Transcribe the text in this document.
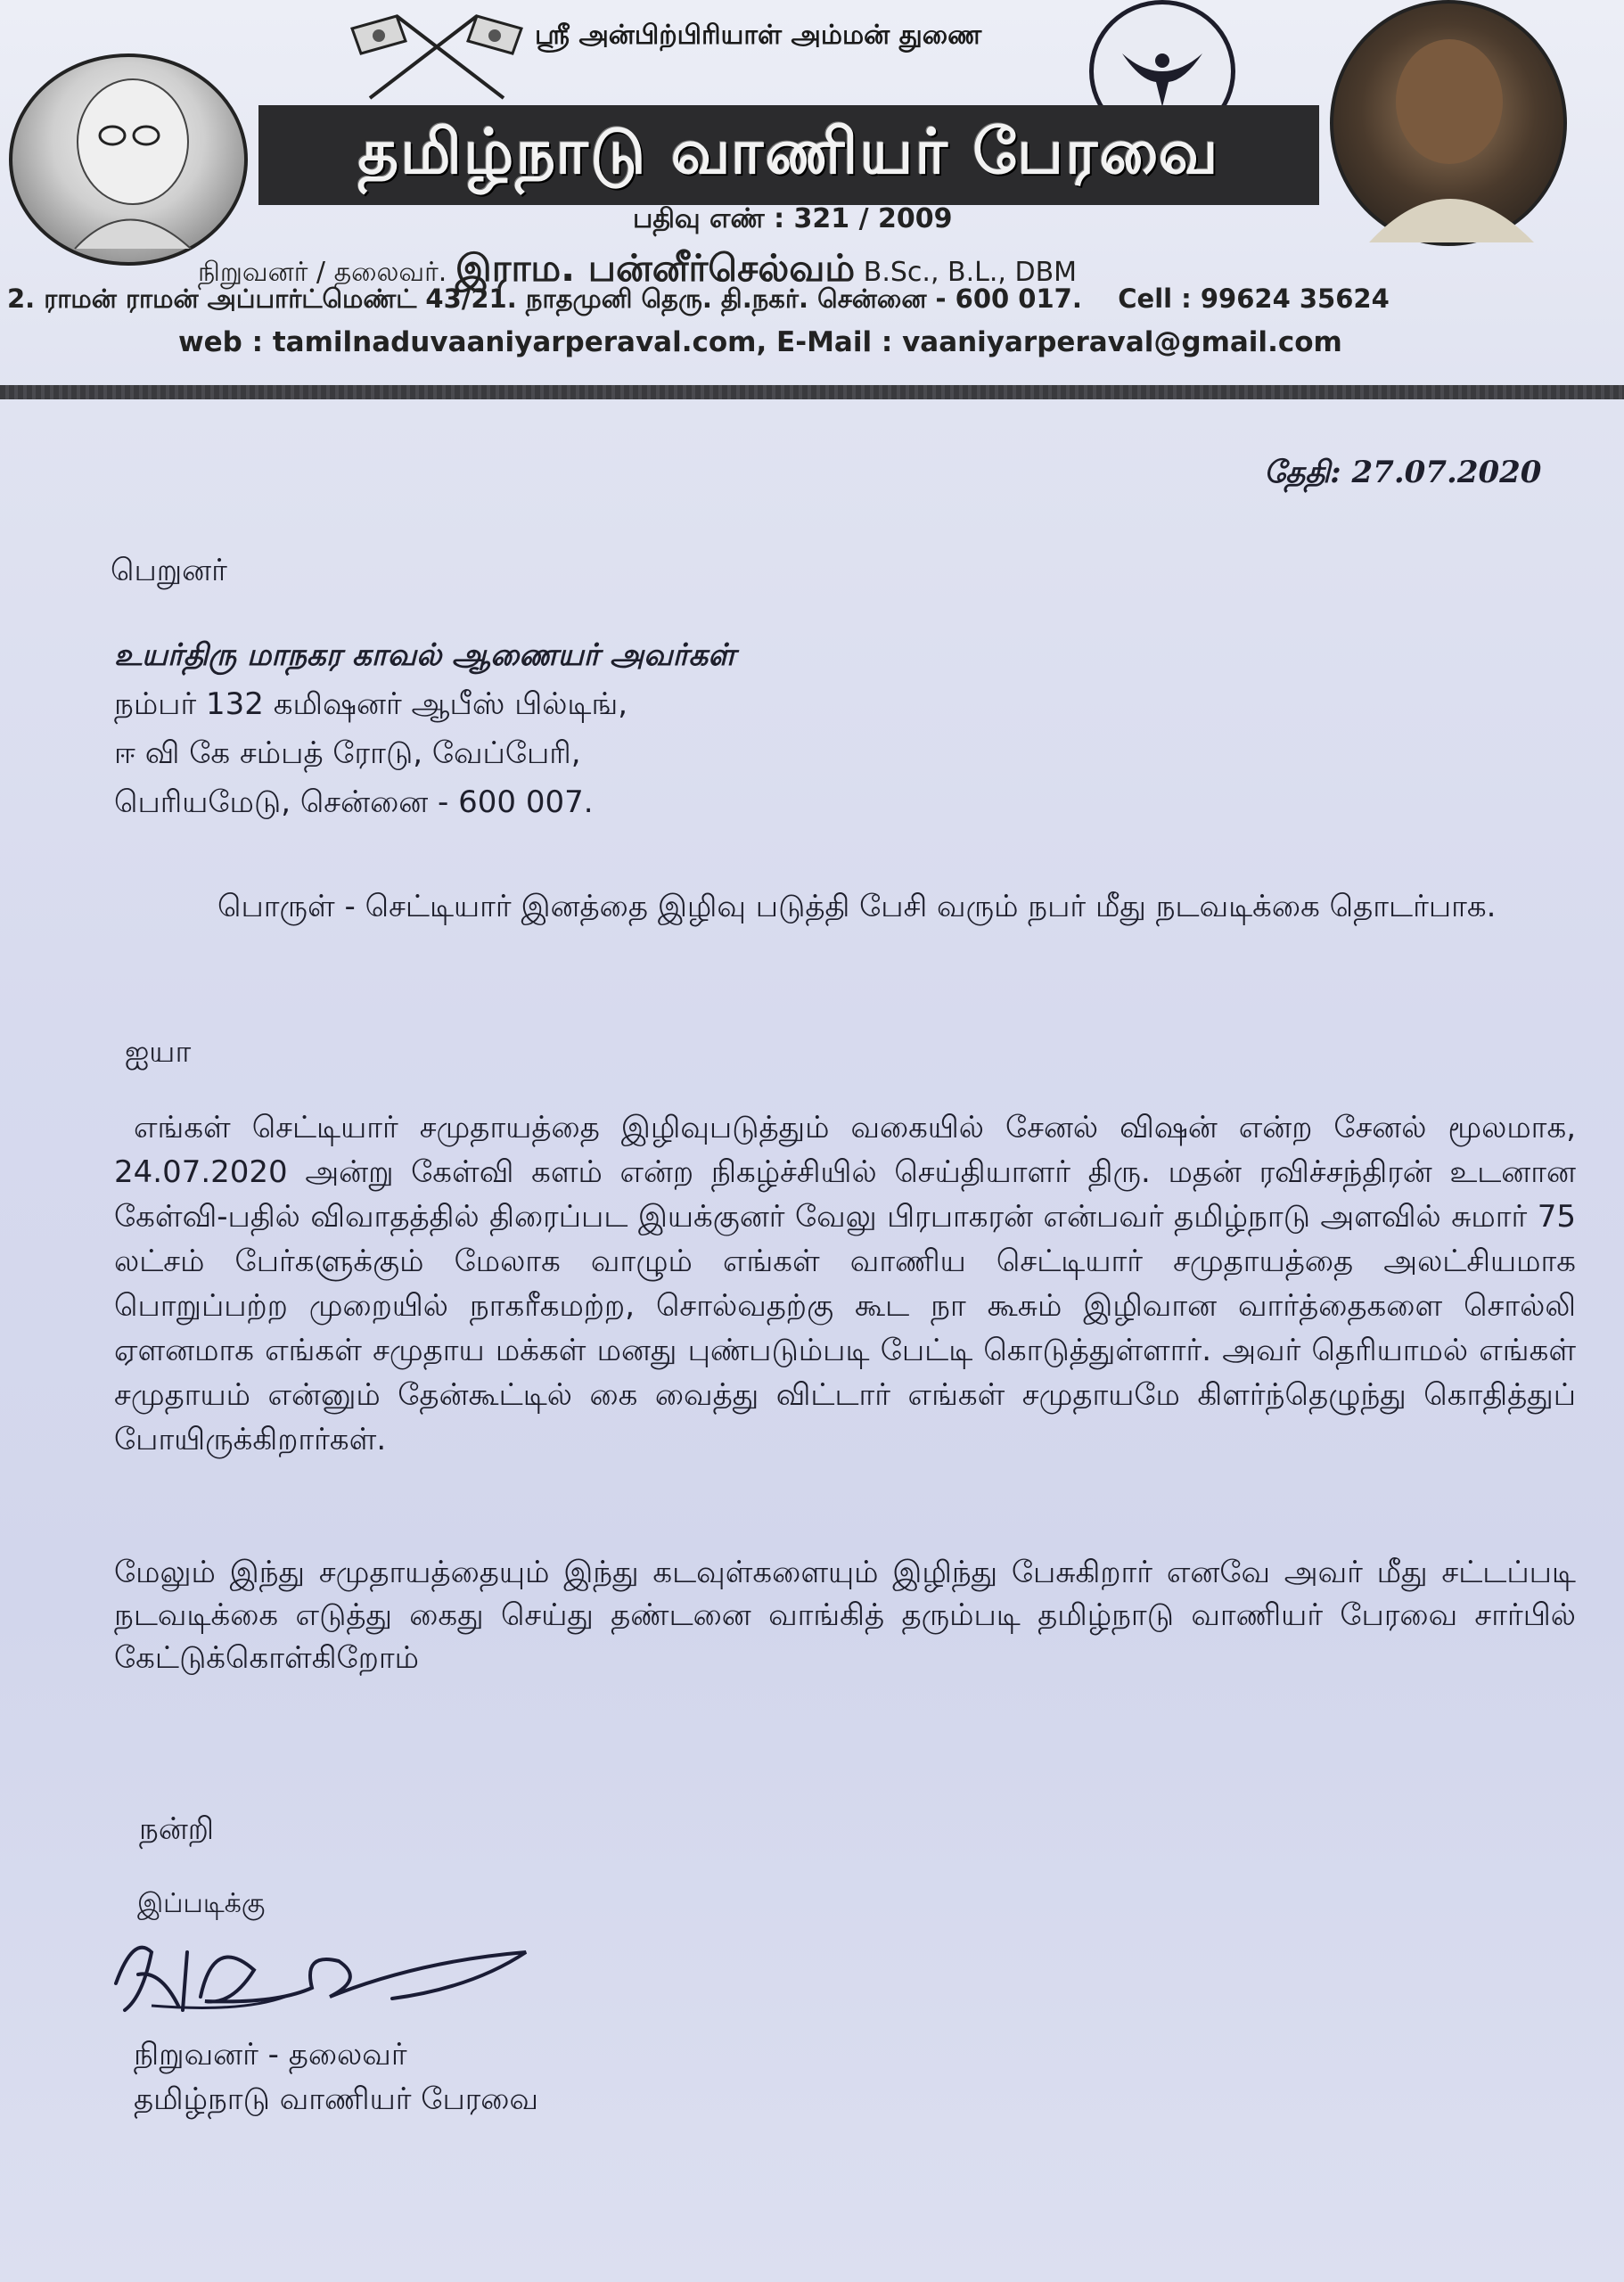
ஸ்ரீ அன்பிற்பிரியாள் அம்மன் துணை
தமிழ்நாடு வாணியர் பேரவை
பதிவு எண் : 321 / 2009
நிறுவனர் / தலைவர். இராம. பன்னீர்செல்வம் B.Sc., B.L., DBM
2. ராமன் ராமன் அப்பார்ட்மெண்ட் 43/21. நாதமுனி தெரு. தி.நகர். சென்னை - 600 017. Cell : 99624 35624
web : tamilnaduvaaniyarperaval.com, E-Mail : vaaniyarperaval@gmail.com
தேதி: 27.07.2020
பெறுனர்
உயர்திரு மாநகர காவல் ஆணையர் அவர்கள்
நம்பர் 132 கமிஷனர் ஆபீஸ் பில்டிங்,
ஈ வி கே சம்பத் ரோடு, வேப்பேரி,
பெரியமேடு, சென்னை - 600 007.
பொருள் - செட்டியார் இனத்தை இழிவு படுத்தி பேசி வரும் நபர் மீது நடவடிக்கை தொடர்பாக.
ஐயா
எங்கள் செட்டியார் சமுதாயத்தை இழிவுபடுத்தும் வகையில் சேனல் விஷன் என்ற சேனல் மூலமாக, 24.07.2020 அன்று கேள்வி களம் என்ற நிகழ்ச்சியில் செய்தியாளர் திரு. மதன் ரவிச்சந்திரன் உடனான கேள்வி-பதில் விவாதத்தில் திரைப்பட இயக்குனர் வேலு பிரபாகரன் என்பவர் தமிழ்நாடு அளவில் சுமார் 75 லட்சம் பேர்களுக்கும் மேலாக வாழும் எங்கள் வாணிய செட்டியார் சமுதாயத்தை அலட்சியமாக பொறுப்பற்ற முறையில் நாகரீகமற்ற, சொல்வதற்கு கூட நா கூசும் இழிவான வார்த்தைகளை சொல்லி ஏளனமாக எங்கள் சமுதாய மக்கள் மனது புண்படும்படி பேட்டி கொடுத்துள்ளார். அவர் தெரியாமல் எங்கள் சமுதாயம் என்னும் தேன்கூட்டில் கை வைத்து விட்டார் எங்கள் சமுதாயமே கிளர்ந்தெழுந்து கொதித்துப் போயிருக்கிறார்கள்.
மேலும் இந்து சமுதாயத்தையும் இந்து கடவுள்களையும் இழிந்து பேசுகிறார் எனவே அவர் மீது சட்டப்படி நடவடிக்கை எடுத்து கைது செய்து தண்டனை வாங்கித் தரும்படி தமிழ்நாடு வாணியர் பேரவை சார்பில் கேட்டுக்கொள்கிறோம்
நன்றி
இப்படிக்கு
நிறுவனர் - தலைவர்
தமிழ்நாடு வாணியர் பேரவை
